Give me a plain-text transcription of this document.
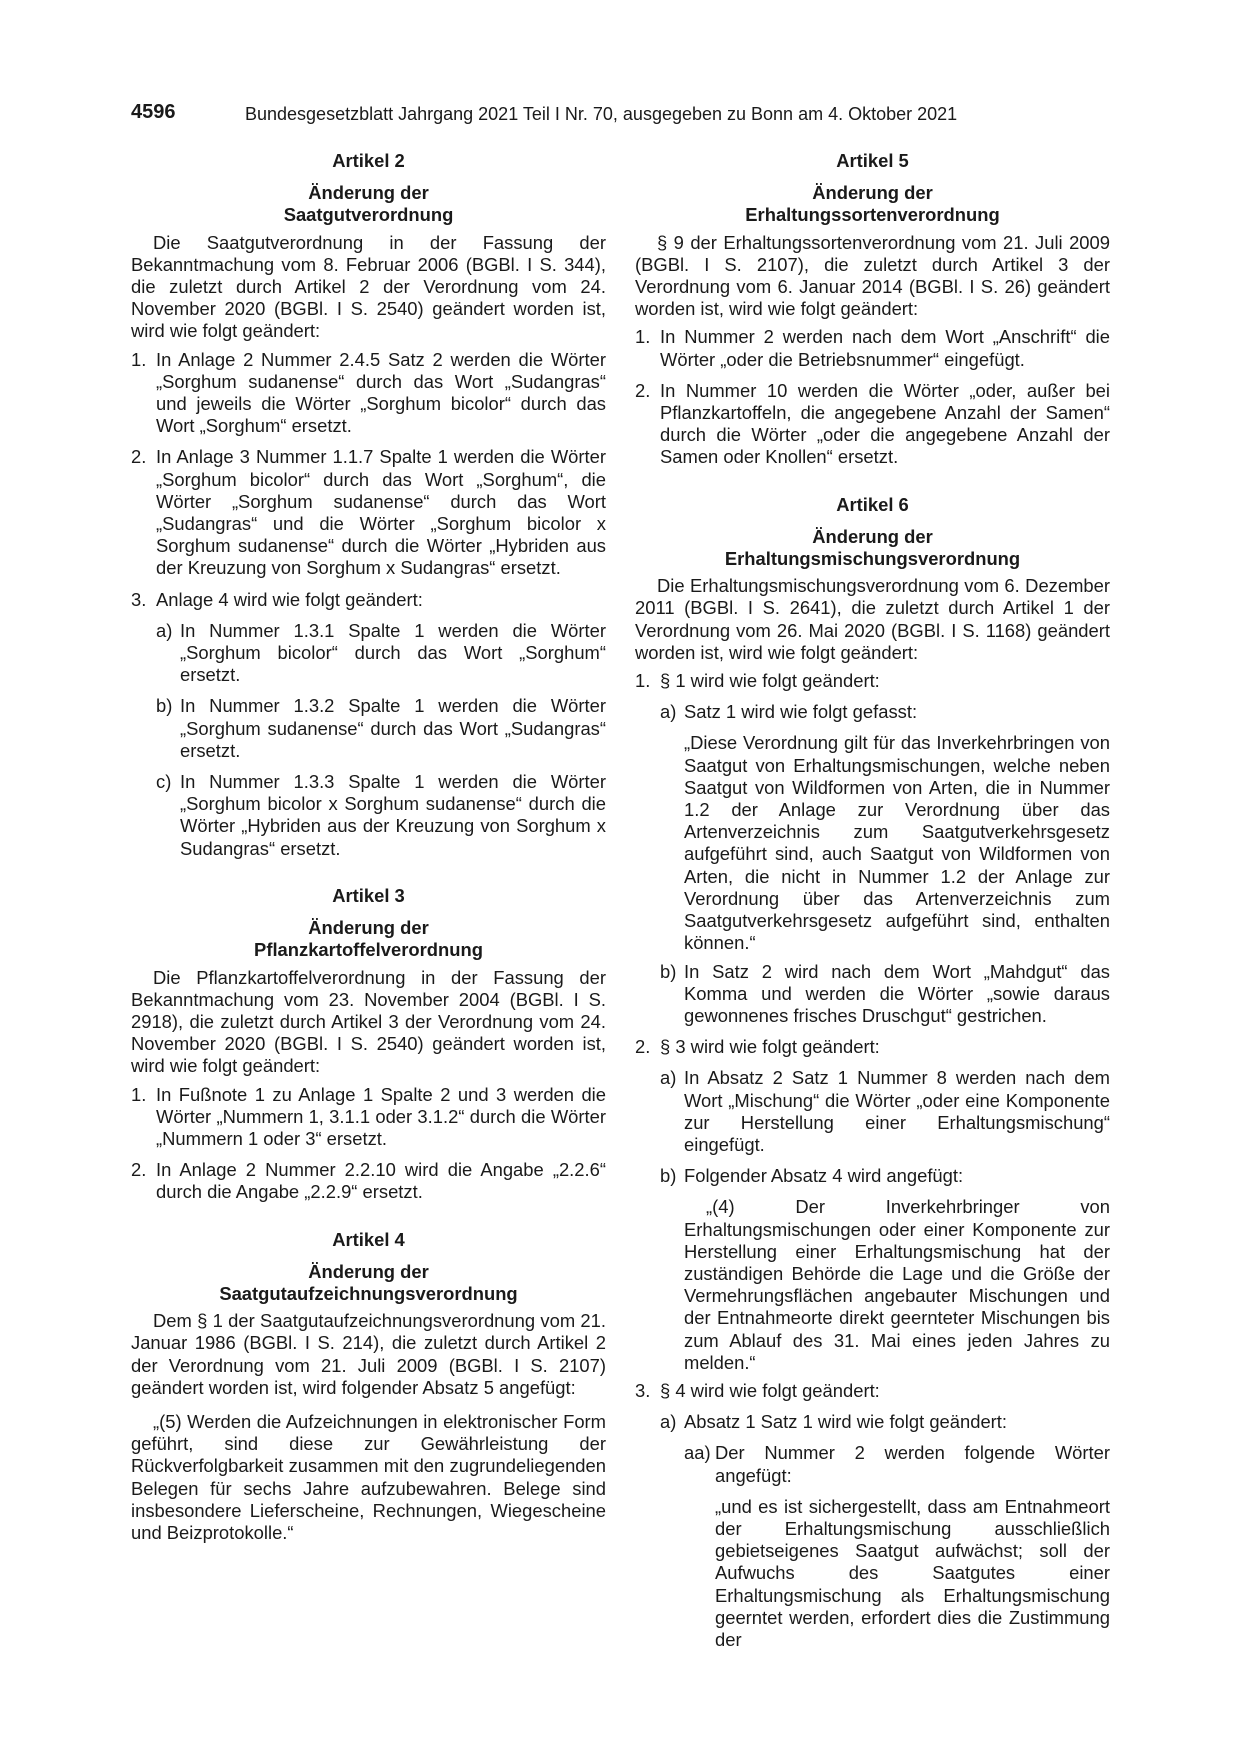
4596	Bundesgesetzblatt Jahrgang 2021 Teil I Nr. 70, ausgegeben zu Bonn am 4. Oktober 2021
Artikel 2
Änderung der
Saatgutverordnung
Die Saatgutverordnung in der Fassung der Bekanntmachung vom 8. Februar 2006 (BGBl. I S. 344), die zuletzt durch Artikel 2 der Verordnung vom 24. November 2020 (BGBl. I S. 2540) geändert worden ist, wird wie folgt geändert:
1. In Anlage 2 Nummer 2.4.5 Satz 2 werden die Wörter „Sorghum sudanense“ durch das Wort „Sudangras“ und jeweils die Wörter „Sorghum bicolor“ durch das Wort „Sorghum“ ersetzt.
2. In Anlage 3 Nummer 1.1.7 Spalte 1 werden die Wörter „Sorghum bicolor“ durch das Wort „Sorghum“, die Wörter „Sorghum sudanense“ durch das Wort „Sudangras“ und die Wörter „Sorghum bicolor x Sorghum sudanense“ durch die Wörter „Hybriden aus der Kreuzung von Sorghum x Sudangras“ ersetzt.
3. Anlage 4 wird wie folgt geändert:
a) In Nummer 1.3.1 Spalte 1 werden die Wörter „Sorghum bicolor“ durch das Wort „Sorghum“ ersetzt.
b) In Nummer 1.3.2 Spalte 1 werden die Wörter „Sorghum sudanense“ durch das Wort „Sudangras“ ersetzt.
c) In Nummer 1.3.3 Spalte 1 werden die Wörter „Sorghum bicolor x Sorghum sudanense“ durch die Wörter „Hybriden aus der Kreuzung von Sorghum x Sudangras“ ersetzt.
Artikel 3
Änderung der
Pflanzkartoffelverordnung
Die Pflanzkartoffelverordnung in der Fassung der Bekanntmachung vom 23. November 2004 (BGBl. I S. 2918), die zuletzt durch Artikel 3 der Verordnung vom 24. November 2020 (BGBl. I S. 2540) geändert worden ist, wird wie folgt geändert:
1. In Fußnote 1 zu Anlage 1 Spalte 2 und 3 werden die Wörter „Nummern 1, 3.1.1 oder 3.1.2“ durch die Wörter „Nummern 1 oder 3“ ersetzt.
2. In Anlage 2 Nummer 2.2.10 wird die Angabe „2.2.6“ durch die Angabe „2.2.9“ ersetzt.
Artikel 4
Änderung der
Saatgutaufzeichnungsverordnung
Dem § 1 der Saatgutaufzeichnungsverordnung vom 21. Januar 1986 (BGBl. I S. 214), die zuletzt durch Artikel 2 der Verordnung vom 21. Juli 2009 (BGBl. I S. 2107) geändert worden ist, wird folgender Absatz 5 angefügt:
„(5) Werden die Aufzeichnungen in elektronischer Form geführt, sind diese zur Gewährleistung der Rückverfolgbarkeit zusammen mit den zugrundeliegenden Belegen für sechs Jahre aufzubewahren. Belege sind insbesondere Lieferscheine, Rechnungen, Wiegescheine und Beizprotokolle.“
Artikel 5
Änderung der
Erhaltungssortenverordnung
§ 9 der Erhaltungssortenverordnung vom 21. Juli 2009 (BGBl. I S. 2107), die zuletzt durch Artikel 3 der Verordnung vom 6. Januar 2014 (BGBl. I S. 26) geändert worden ist, wird wie folgt geändert:
1. In Nummer 2 werden nach dem Wort „Anschrift“ die Wörter „oder die Betriebsnummer“ eingefügt.
2. In Nummer 10 werden die Wörter „oder, außer bei Pflanzkartoffeln, die angegebene Anzahl der Samen“ durch die Wörter „oder die angegebene Anzahl der Samen oder Knollen“ ersetzt.
Artikel 6
Änderung der
Erhaltungsmischungsverordnung
Die Erhaltungsmischungsverordnung vom 6. Dezember 2011 (BGBl. I S. 2641), die zuletzt durch Artikel 1 der Verordnung vom 26. Mai 2020 (BGBl. I S. 1168) geändert worden ist, wird wie folgt geändert:
1. § 1 wird wie folgt geändert:
a) Satz 1 wird wie folgt gefasst:
„Diese Verordnung gilt für das Inverkehrbringen von Saatgut von Erhaltungsmischungen, welche neben Saatgut von Wildformen von Arten, die in Nummer 1.2 der Anlage zur Verordnung über das Artenverzeichnis zum Saatgutverkehrsgesetz aufgeführt sind, auch Saatgut von Wildformen von Arten, die nicht in Nummer 1.2 der Anlage zur Verordnung über das Artenverzeichnis zum Saatgutverkehrsgesetz aufgeführt sind, enthalten können.“
b) In Satz 2 wird nach dem Wort „Mahdgut“ das Komma und werden die Wörter „sowie daraus gewonnenes frisches Druschgut“ gestrichen.
2. § 3 wird wie folgt geändert:
a) In Absatz 2 Satz 1 Nummer 8 werden nach dem Wort „Mischung“ die Wörter „oder eine Komponente zur Herstellung einer Erhaltungsmischung“ eingefügt.
b) Folgender Absatz 4 wird angefügt:
„(4) Der Inverkehrbringer von Erhaltungsmischungen oder einer Komponente zur Herstellung einer Erhaltungsmischung hat der zuständigen Behörde die Lage und die Größe der Vermehrungsflächen angebauter Mischungen und der Entnahmeorte direkt geernteter Mischungen bis zum Ablauf des 31. Mai eines jeden Jahres zu melden.“
3. § 4 wird wie folgt geändert:
a) Absatz 1 Satz 1 wird wie folgt geändert:
aa) Der Nummer 2 werden folgende Wörter angefügt:
„und es ist sichergestellt, dass am Entnahmeort der Erhaltungsmischung ausschließlich gebietseigenes Saatgut aufwächst; soll der Aufwuchs des Saatgutes einer Erhaltungsmischung als Erhaltungsmischung geerntet werden, erfordert dies die Zustimmung der
